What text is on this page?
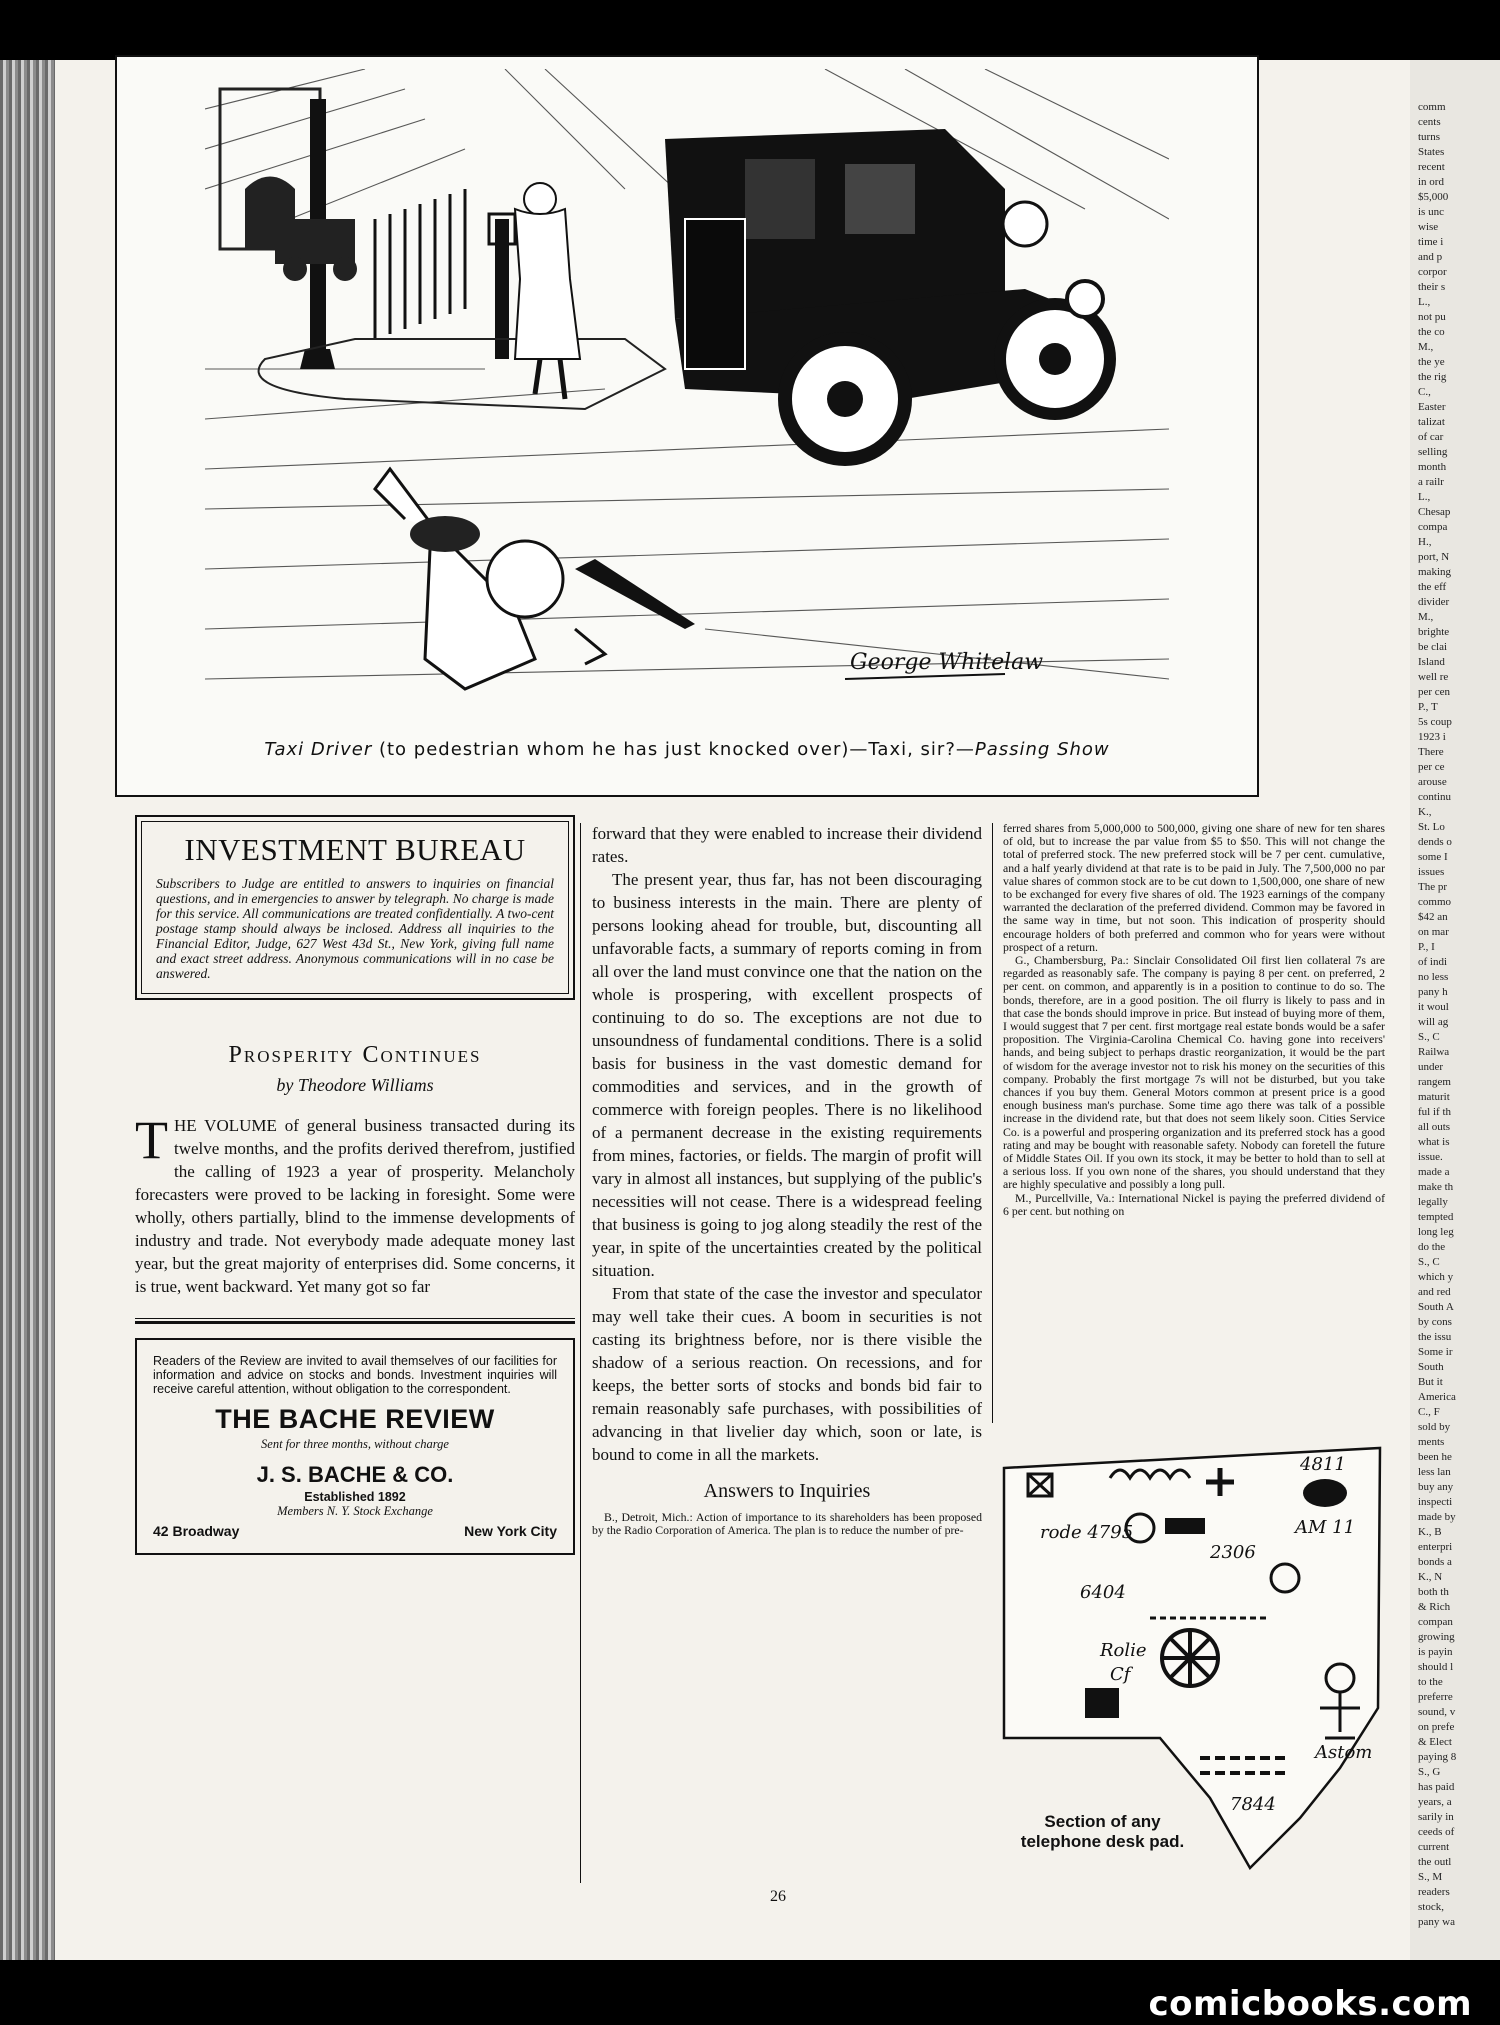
comm
cents
turns
States
recent
in ord
$5,000
is unc
wise
time i
and p
corpor
their s
L.,
not pu
the co
M.,
the ye
the rig
C.,
Easter
talizat
of car
selling
month
a railr
L.,
Chesap
compa
H.,
port, N
making
the eff
divider
M.,
brighte
be clai
Island
well re
per cen
P., T
5s coup
1923 i
There
per ce
arouse
continu
K.,
St. Lo
dends o
some I
issues
The pr
commo
$42 an
on mar
P., I
of indi
no less
pany h
it woul
will ag
S., C
Railwa
under
rangem
maturit
ful if th
all outs
what is
issue.
made a
make th
legally
tempted
long leg
do the
S., C
which y
and red
South A
by cons
the issu
Some ir
South
But it
America
C., F
sold by
ments
been he
less lan
buy any
inspecti
made by
K., B
enterpri
bonds a
K., N
both th
& Rich
compan
growing
is payin
should l
to the
preferre
sound, v
on prefe
& Elect
paying 8
S., G
has paid
years, a
sarily in
ceeds of
current
the outl
S., M
readers
stock,
pany wa
George Whitelaw
Taxi Driver (to pedestrian whom he has just knocked over)—Taxi, sir?—Passing Show
INVESTMENT BUREAU

Subscribers to Judge are entitled to answers to inquiries on financial questions, and in emergencies to answer by telegraph. No charge is made for this service. All communications are treated confidentially. A two-cent postage stamp should always be inclosed. Address all inquiries to the Financial Editor, Judge, 627 West 43d St., New York, giving full name and exact street address. Anonymous communications will in no case be answered.

Prosperity Continues
by Theodore Williams
THE VOLUME of general business transacted during its twelve months, and the profits derived therefrom, justified the calling of 1923 a year of prosperity. Melancholy forecasters were proved to be lacking in foresight. Some were wholly, others partially, blind to the immense developments of industry and trade. Not everybody made adequate money last year, but the great majority of enterprises did. Some concerns, it is true, went backward. Yet many got so far
Readers of the Review are invited to avail themselves of our facilities for information and advice on stocks and bonds. Investment inquiries will receive careful attention, without obligation to the correspondent.
THE BACHE REVIEW
Sent for three months, without charge
J. S. BACHE & CO.
Established 1892
Members N. Y. Stock Exchange
42 Broadway	New York City

forward that they were enabled to increase their dividend rates.

The present year, thus far, has not been discouraging to business interests in the main. There are plenty of persons looking ahead for trouble, but, discounting all unfavorable facts, a summary of reports coming in from all over the land must convince one that the nation on the whole is prospering, with excellent prospects of continuing to do so. The exceptions are not due to unsoundness of fundamental conditions. There is a solid basis for business in the vast domestic demand for commodities and services, and in the growth of commerce with foreign peoples. There is no likelihood of a permanent decrease in the existing requirements from mines, factories, or fields. The margin of profit will vary in almost all instances, but supplying of the public's necessities will not cease. There is a widespread feeling that business is going to jog along steadily the rest of the year, in spite of the uncertainties created by the political situation.

From that state of the case the investor and speculator may well take their cues. A boom in securities is not casting its brightness before, nor is there visible the shadow of a serious reaction. On recessions, and for keeps, the better sorts of stocks and bonds bid fair to remain reasonably safe purchases, with possibilities of advancing in that livelier day which, soon or late, is bound to come in all the markets.

Answers to Inquiries

B., Detroit, Mich.: Action of importance to its shareholders has been proposed by the Radio Corporation of America. The plan is to reduce the number of pre-

ferred shares from 5,000,000 to 500,000, giving one share of new for ten shares of old, but to increase the par value from $5 to $50. This will not change the total of preferred stock. The new preferred stock will be 7 per cent. cumulative, and a half yearly dividend at that rate is to be paid in July. The 7,500,000 no par value shares of common stock are to be cut down to 1,500,000, one share of new to be exchanged for every five shares of old. The 1923 earnings of the company warranted the declaration of the preferred dividend. Common may be favored in the same way in time, but not soon. This indication of prosperity should encourage holders of both preferred and common who for years were without prospect of a return.

G., Chambersburg, Pa.: Sinclair Consolidated Oil first lien collateral 7s are regarded as reasonably safe. The company is paying 8 per cent. on preferred, 2 per cent. on common, and apparently is in a position to continue to do so. The bonds, therefore, are in a good position. The oil flurry is likely to pass and in that case the bonds should improve in price. But instead of buying more of them, I would suggest that 7 per cent. first mortgage real estate bonds would be a safer proposition. The Virginia-Carolina Chemical Co. having gone into receivers' hands, and being subject to perhaps drastic reorganization, it would be the part of wisdom for the average investor not to risk his money on the securities of this company. Probably the first mortgage 7s will not be disturbed, but you take chances if you buy them. General Motors common at present price is a good enough business man's purchase. Some time ago there was talk of a possible increase in the dividend rate, but that does not seem likely soon. Cities Service Co. is a powerful and prospering organization and its preferred stock has a good rating and may be bought with reasonable safety. Nobody can foretell the future of Middle States Oil. If you own its stock, it may be better to hold than to sell at a serious loss. If you own none of the shares, you should understand that they are highly speculative and possibly a long pull.

M., Purcellville, Va.: International Nickel is paying the preferred dividend of 6 per cent. but nothing on

rode 4795
2306
6404
Rolie
Cf
AM 11
4811
7844
Astom
Section of any telephone desk pad.
26
comicbooks.com
